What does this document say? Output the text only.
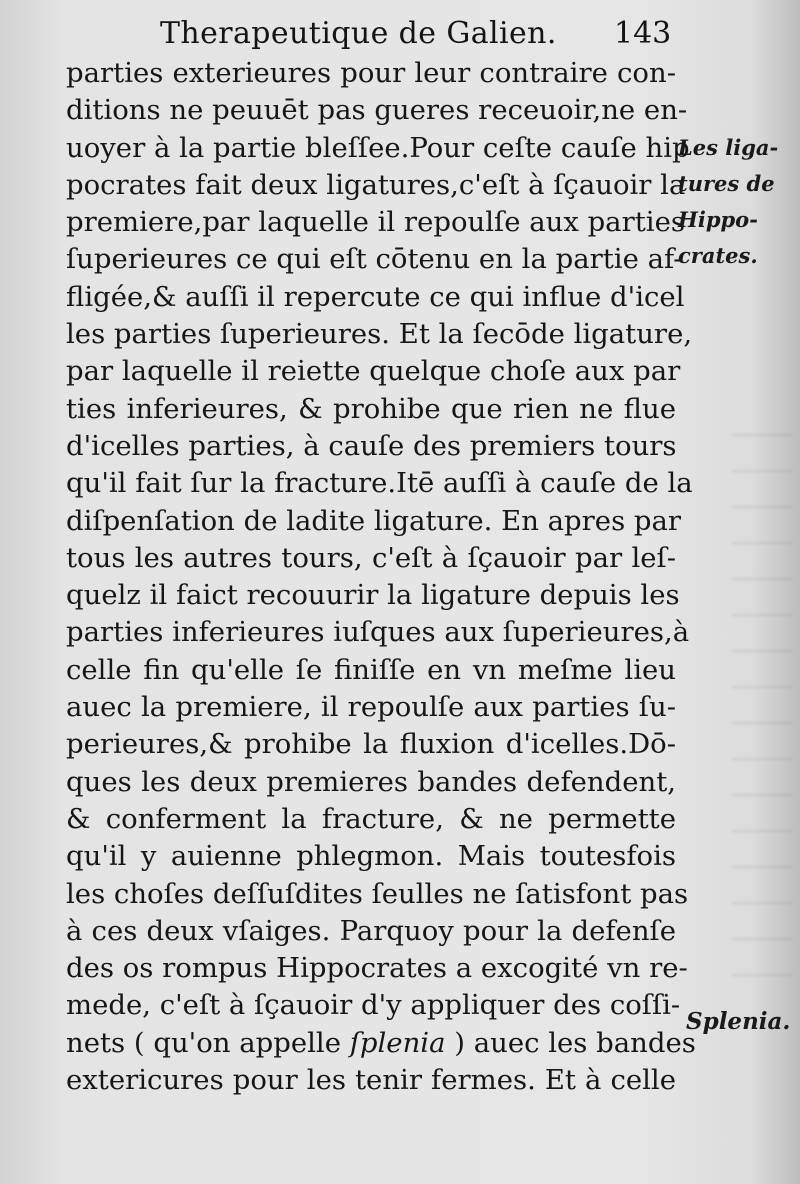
Therapeutique de Galien. 143
parties exterieures pour leur contraire con-
ditions ne peuuēt pas gueres receuoir,ne en-
uoyer à la partie bleſſee.Pour ceſte cauſe hip
pocrates fait deux ligatures,c'eſt à ſçauoir la
premiere,par laquelle il repoulſe aux parties
ſuperieures ce qui eſt cōtenu en la partie af-
fligée,& auſſi il repercute ce qui influe d'icel
les parties ſuperieures. Et la ſecōde ligature,
par laquelle il reiette quelque choſe aux par
ties inferieures, & prohibe que rien ne flue
d'icelles parties, à cauſe des premiers tours
qu'il fait ſur la fracture.Itē auſſi à cauſe de la
diſpenſation de ladite ligature. En apres par
tous les autres tours, c'eſt à ſçauoir par leſ-
quelz il faict recouurir la ligature depuis les
parties inferieures iuſques aux ſuperieures,à
celle fin qu'elle ſe finiſſe en vn meſme lieu
auec la premiere, il repoulſe aux parties ſu-
perieures,& prohibe la fluxion d'icelles.Dō-
ques les deux premieres bandes defendent,
& conferment la fracture, & ne permette
qu'il y auienne phlegmon. Mais toutesfois
les choſes deſſuſdites ſeulles ne ſatisfont pas
à ces deux vſaiges. Parquoy pour la defenſe
des os rompus Hippocrates a excogité vn re-
mede, c'eſt à ſçauoir d'y appliquer des coſſi-
nets ( qu'on appelle ſplenia ) auec les bandes
extericures pour les tenir fermes. Et à celle
Les liga-
tures de
Hippo-
crates.
Splenia.
